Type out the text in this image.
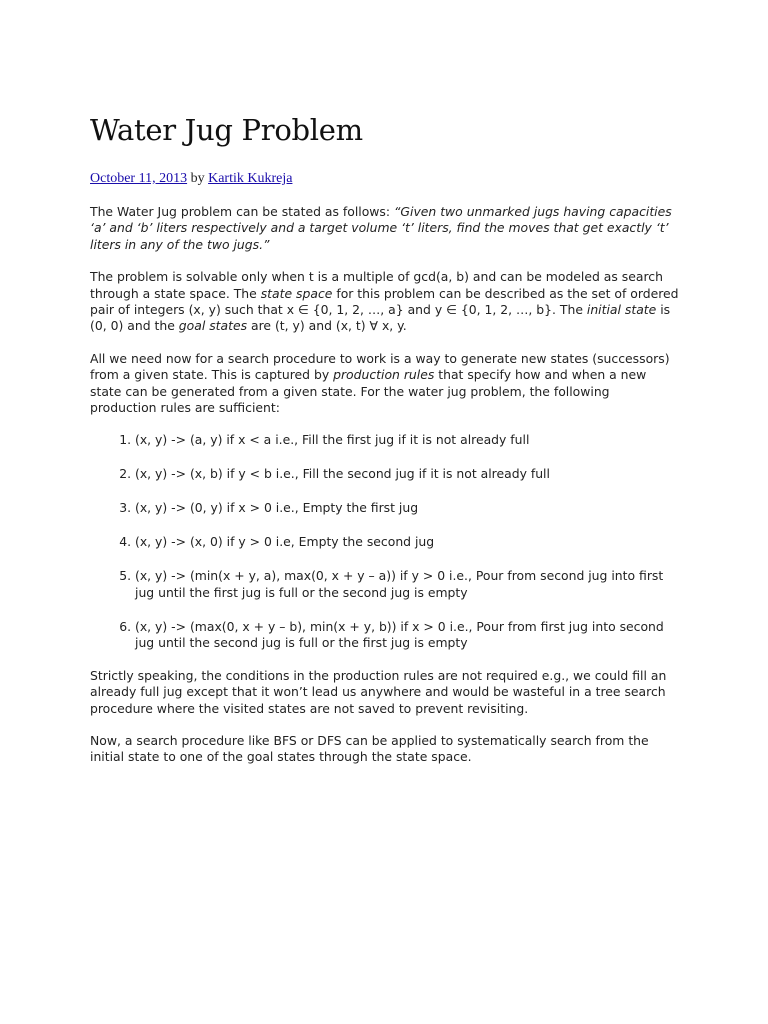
Water Jug Problem
October 11, 2013 by Kartik Kukreja

The Water Jug problem can be stated as follows: “Given two unmarked jugs having capacities ‘a’ and ‘b’ liters respectively and a target volume ‘t’ liters, find the moves that get exactly ‘t’ liters in any of the two jugs.”

The problem is solvable only when t is a multiple of gcd(a, b) and can be modeled as search through a state space. The state space for this problem can be described as the set of ordered pair of integers (x, y) such that x ∈ {0, 1, 2, …, a} and y ∈ {0, 1, 2, …, b}. The initial state is (0, 0) and the goal states are (t, y) and (x, t) ∀ x, y.

All we need now for a search procedure to work is a way to generate new states (successors) from a given state. This is captured by production rules that specify how and when a new state can be generated from a given state. For the water jug problem, the following production rules are sufficient:

1. (x, y) -> (a, y) if x < a i.e., Fill the first jug if it is not already full
2. (x, y) -> (x, b) if y < b i.e., Fill the second jug if it is not already full
3. (x, y) -> (0, y) if x > 0 i.e., Empty the first jug
4. (x, y) -> (x, 0) if y > 0 i.e, Empty the second jug
5. (x, y) -> (min(x + y, a), max(0, x + y – a)) if y > 0 i.e., Pour from second jug into first jug until the first jug is full or the second jug is empty
6. (x, y) -> (max(0, x + y – b), min(x + y, b)) if x > 0 i.e., Pour from first jug into second jug until the second jug is full or the first jug is empty

Strictly speaking, the conditions in the production rules are not required e.g., we could fill an already full jug except that it won’t lead us anywhere and would be wasteful in a tree search procedure where the visited states are not saved to prevent revisiting.

Now, a search procedure like BFS or DFS can be applied to systematically search from the initial state to one of the goal states through the state space.
